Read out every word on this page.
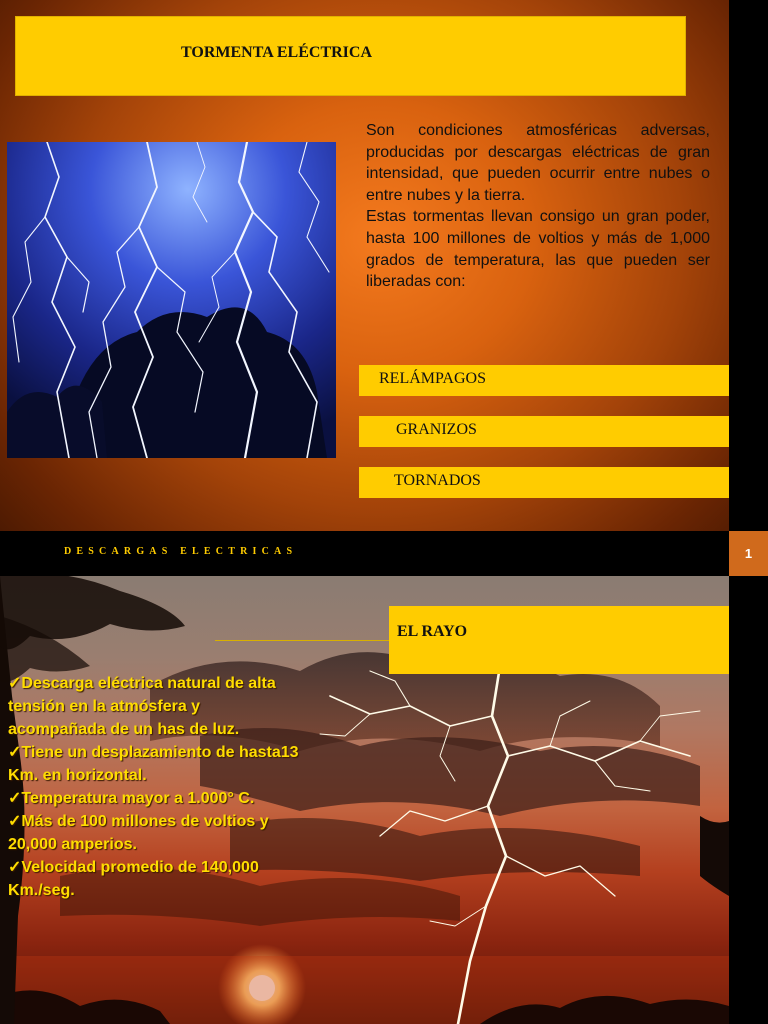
TORMENTA ELÉCTRICA

Son condiciones atmosféricas adversas, producidas por descargas eléctricas de gran intensidad, que pueden ocurrir entre nubes o entre nubes y la tierra.

Estas tormentas llevan consigo un gran poder, hasta 100 millones de voltios y más de 1,000 grados de temperatura, las que pueden ser liberadas con:

RELÁMPAGOS
GRANIZOS
TORNADOS

DESCARGAS ELECTRICAS	1
EL RAYO
✓Descarga eléctrica natural de alta
tensión en la atmósfera y
acompañada de un has de luz.
✓Tiene un desplazamiento de hasta13
Km. en horizontal.
✓Temperatura mayor a 1.000° C.
✓Más de 100 millones de voltios y
20,000 amperios.
✓Velocidad promedio de 140,000
Km./seg.
